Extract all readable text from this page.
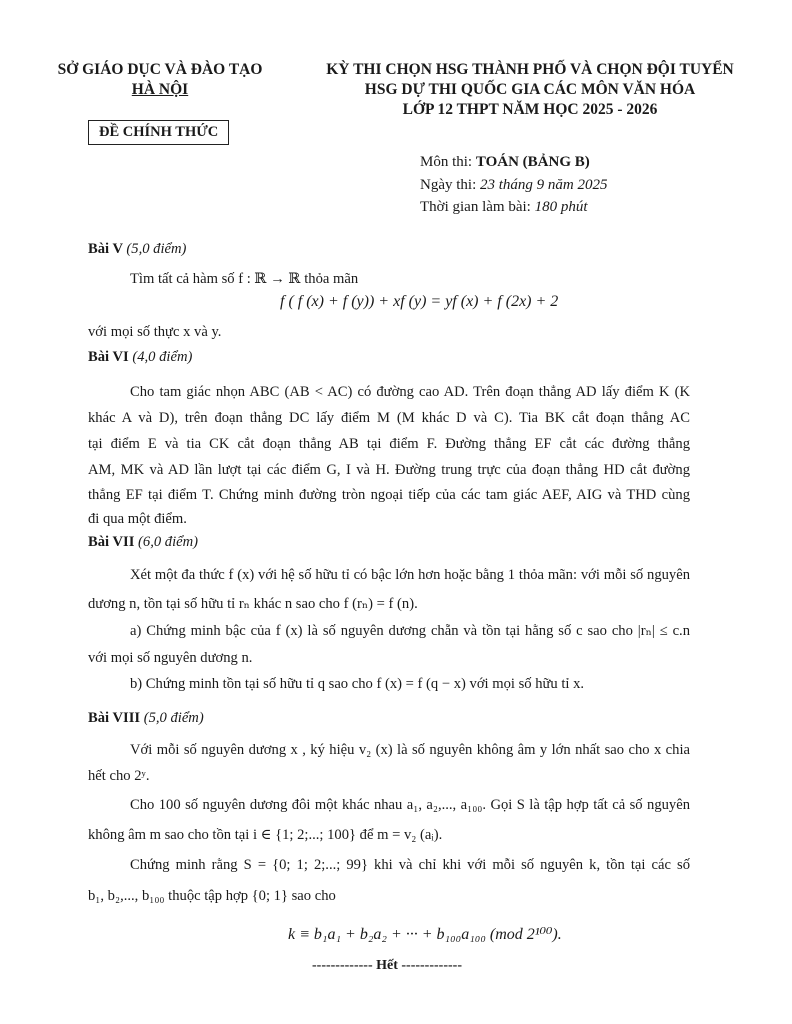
SỞ GIÁO DỤC VÀ ĐÀO TẠO
HÀ NỘI
ĐỀ CHÍNH THỨC
KỲ THI CHỌN HSG THÀNH PHỐ VÀ CHỌN ĐỘI TUYỂN
HSG DỰ THI QUỐC GIA CÁC MÔN VĂN HÓA
LỚP 12 THPT NĂM HỌC 2025 - 2026
Môn thi: TOÁN (BẢNG B)
Ngày thi: 23 tháng 9 năm 2025
Thời gian làm bài: 180 phút
Bài V (5,0 điểm)
Tìm tất cả hàm số f : ℝ → ℝ thỏa mãn
f ( f (x) + f (y)) + xf (y) = yf (x) + f (2x) + 2
với mọi số thực x và y.
Bài VI (4,0 điểm)
Cho tam giác nhọn ABC (AB < AC) có đường cao AD. Trên đoạn thẳng AD lấy điểm K (K
khác A và D), trên đoạn thẳng DC lấy điểm M (M khác D và C). Tia BK cắt đoạn thẳng AC
tại điểm E và tia CK cắt đoạn thẳng AB tại điểm F. Đường thẳng EF cắt các đường thẳng
AM, MK và AD lần lượt tại các điểm G, I và H. Đường trung trực của đoạn thẳng HD cắt đường
thẳng EF tại điểm T. Chứng minh đường tròn ngoại tiếp của các tam giác AEF, AIG và THD cùng
đi qua một điểm.
Bài VII (6,0 điểm)
Xét một đa thức f (x) với hệ số hữu tỉ có bậc lớn hơn hoặc bằng 1 thỏa mãn: với mỗi số nguyên
dương n, tồn tại số hữu tỉ rₙ khác n sao cho f (rₙ) = f (n).
a) Chứng minh bậc của f (x) là số nguyên dương chẵn và tồn tại hằng số c sao cho |rₙ| ≤ c.n
với mọi số nguyên dương n.
b) Chứng minh tồn tại số hữu tỉ q sao cho f (x) = f (q − x) với mọi số hữu tỉ x.
Bài VIII (5,0 điểm)
Với mỗi số nguyên dương x , ký hiệu v₂ (x) là số nguyên không âm y lớn nhất sao cho x chia
hết cho 2ʸ.
Cho 100 số nguyên dương đôi một khác nhau a₁, a₂,..., a₁₀₀. Gọi S là tập hợp tất cả số nguyên
không âm m sao cho tồn tại i ∈ {1; 2;...; 100} để m = v₂ (aᵢ).
Chứng minh rằng S = {0; 1; 2;...; 99} khi và chỉ khi với mỗi số nguyên k, tồn tại các số
b₁, b₂,..., b₁₀₀ thuộc tập hợp {0; 1} sao cho
k ≡ b₁a₁ + b₂a₂ + ··· + b₁₀₀a₁₀₀ (mod 2¹⁰⁰).
------------- Hết -------------
